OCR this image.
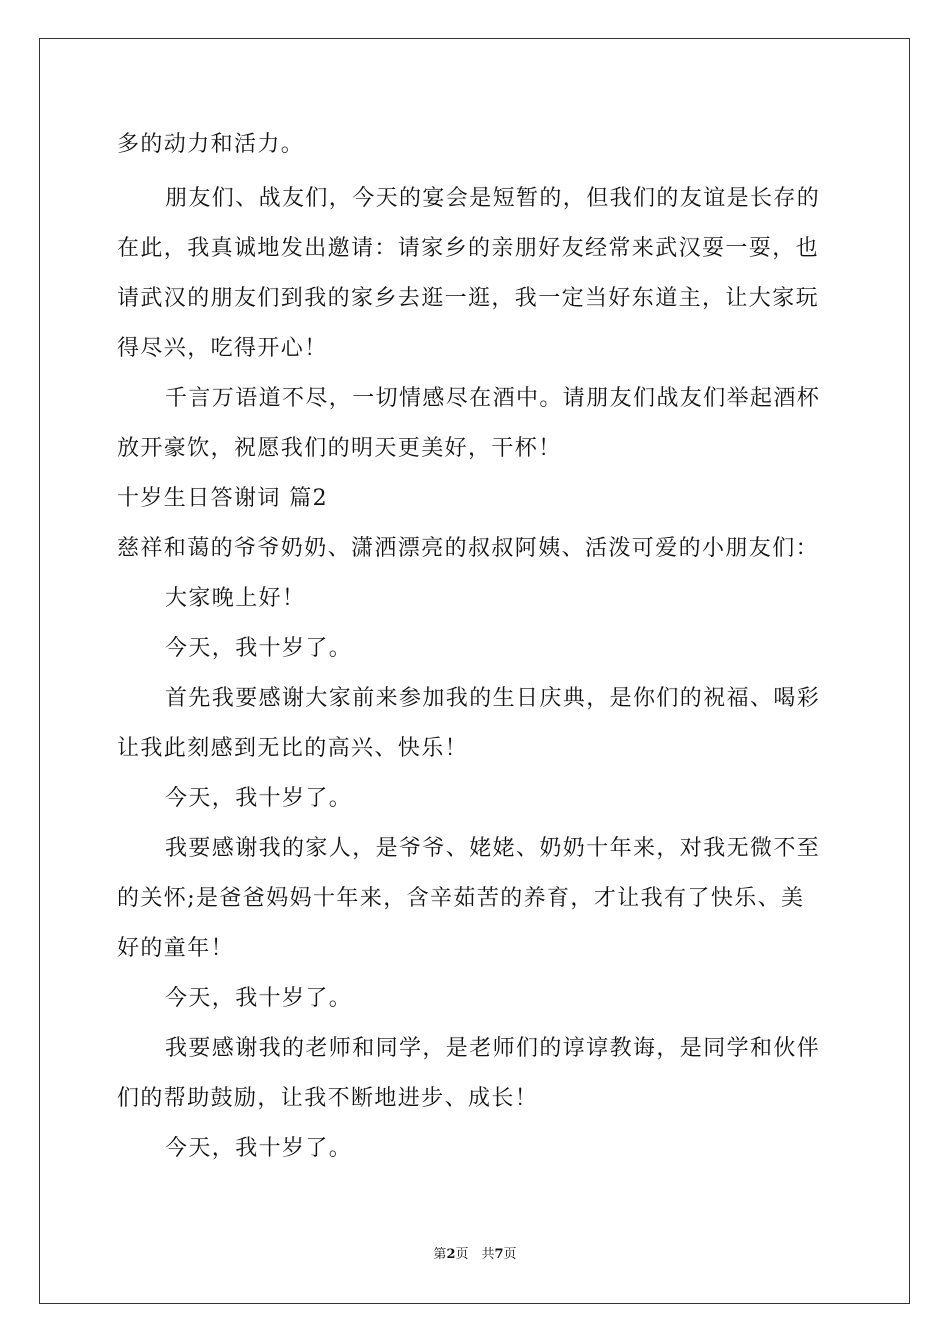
多的动力和活力。
朋友们、战友们，今天的宴会是短暂的，但我们的友谊是长存的
在此，我真诚地发出邀请：请家乡的亲朋好友经常来武汉耍一耍，也
请武汉的朋友们到我的家乡去逛一逛，我一定当好东道主，让大家玩
得尽兴，吃得开心！
千言万语道不尽，一切情感尽在酒中。请朋友们战友们举起酒杯
放开豪饮，祝愿我们的明天更美好，干杯！
十岁生日答谢词 篇2
慈祥和蔼的爷爷奶奶、潇洒漂亮的叔叔阿姨、活泼可爱的小朋友们：
大家晚上好！
今天，我十岁了。
首先我要感谢大家前来参加我的生日庆典，是你们的祝福、喝彩
让我此刻感到无比的高兴、快乐！
今天，我十岁了。
我要感谢我的家人，是爷爷、姥姥、奶奶十年来，对我无微不至
的关怀;是爸爸妈妈十年来，含辛茹苦的养育，才让我有了快乐、美
好的童年！
今天，我十岁了。
我要感谢我的老师和同学，是老师们的谆谆教诲，是同学和伙伴
们的帮助鼓励，让我不断地进步、成长！
今天，我十岁了。
第2页　共7页
